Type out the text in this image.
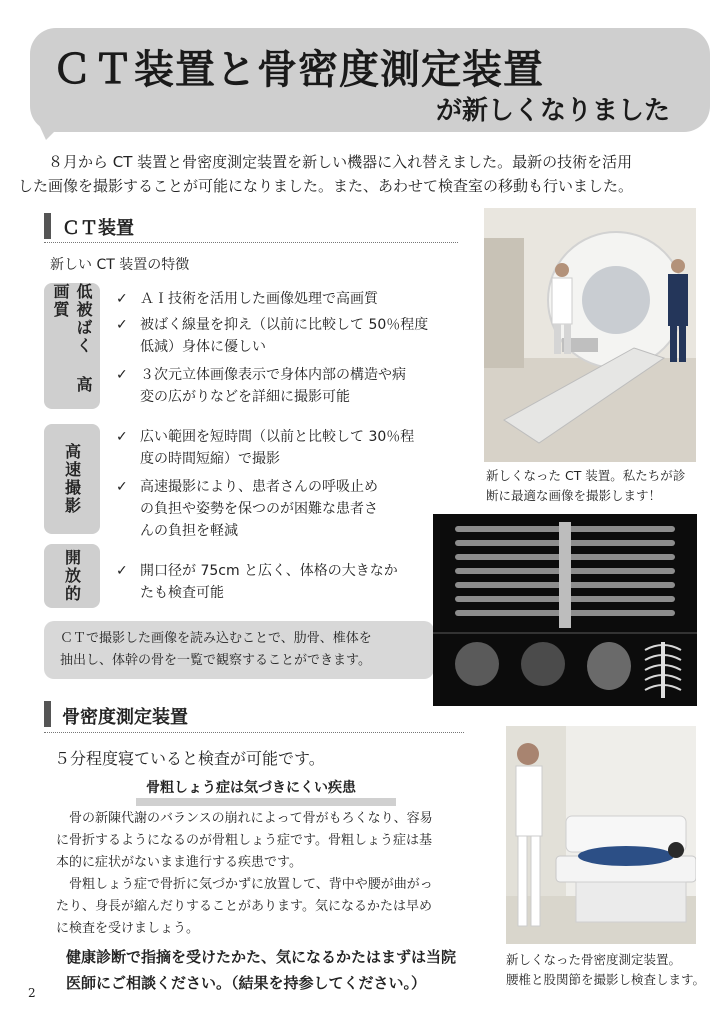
ＣＴ装置と骨密度測定装置
が新しくなりました

８月から CT 装置と骨密度測定装置を新しい機器に入れ替えました。最新の技術を活用

した画像を撮影することが可能になりました。また、あわせて検査室の移動も行いました。

ＣＴ装置
新しい CT 装置の特徴
低被ばく 高画質
高速撮影
開放的
✓ ＡＩ技術を活用した画像処理で高画質
✓ 被ばく線量を抑え（以前に比較して 50％程度
低減）身体に優しい
✓ ３次元立体画像表示で身体内部の構造や病
変の広がりなどを詳細に撮影可能
✓ 広い範囲を短時間（以前と比較して 30％程
度の時間短縮）で撮影
✓ 高速撮影により、患者さんの呼吸止め
の負担や姿勢を保つのが困難な患者さ
んの負担を軽減
✓ 開口径が 75cm と広く、体格の大きなか
たも検査可能
ＣＴで撮影した画像を読み込むことで、肋骨、椎体を
抽出し、体幹の骨を一覧で観察することができます。
新しくなった CT 装置。私たちが診
断に最適な画像を撮影します！
骨密度測定装置
５分程度寝ていると検査が可能です。
骨粗しょう症は気づきにくい疾患

骨の新陳代謝のバランスの崩れによって骨がもろくなり、容易
に骨折するようになるのが骨粗しょう症です。骨粗しょう症は基
本的に症状がないまま進行する疾患です。

骨粗しょう症で骨折に気づかずに放置して、背中や腰が曲がっ
たり、身長が縮んだりすることがあります。気になるかたは早め
に検査を受けましょう。

健康診断で指摘を受けたかた、気になるかたはまずは当院

医師にご相談ください。（結果を持参してください。）

新しくなった骨密度測定装置。
腰椎と股関節を撮影し検査します。
2
